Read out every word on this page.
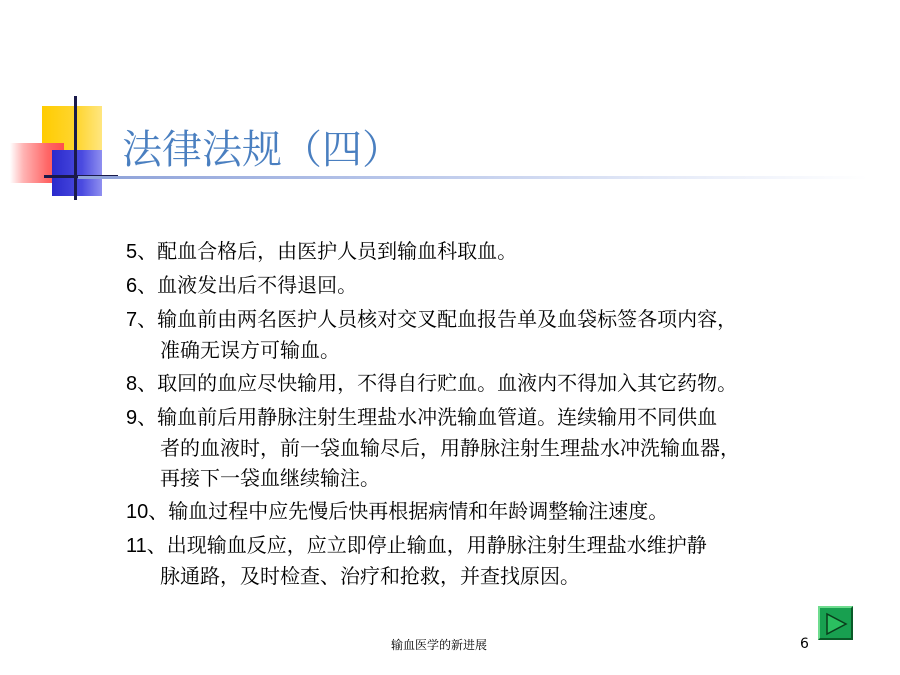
法律法规（四）
5、配血合格后，由医护人员到输血科取血。
6、血液发出后不得退回。
7、输血前由两名医护人员核对交叉配血报告单及血袋标签各项内容，
准确无误方可输血。
8、取回的血应尽快输用，不得自行贮血。血液内不得加入其它药物。
9、输血前后用静脉注射生理盐水冲洗输血管道。连续输用不同供血
者的血液时，前一袋血输尽后，用静脉注射生理盐水冲洗输血器，
再接下一袋血继续输注。
10、输血过程中应先慢后快再根据病情和年龄调整输注速度。
11、出现输血反应，应立即停止输血，用静脉注射生理盐水维护静
脉通路，及时检查、治疗和抢救，并查找原因。
输血医学的新进展	6
